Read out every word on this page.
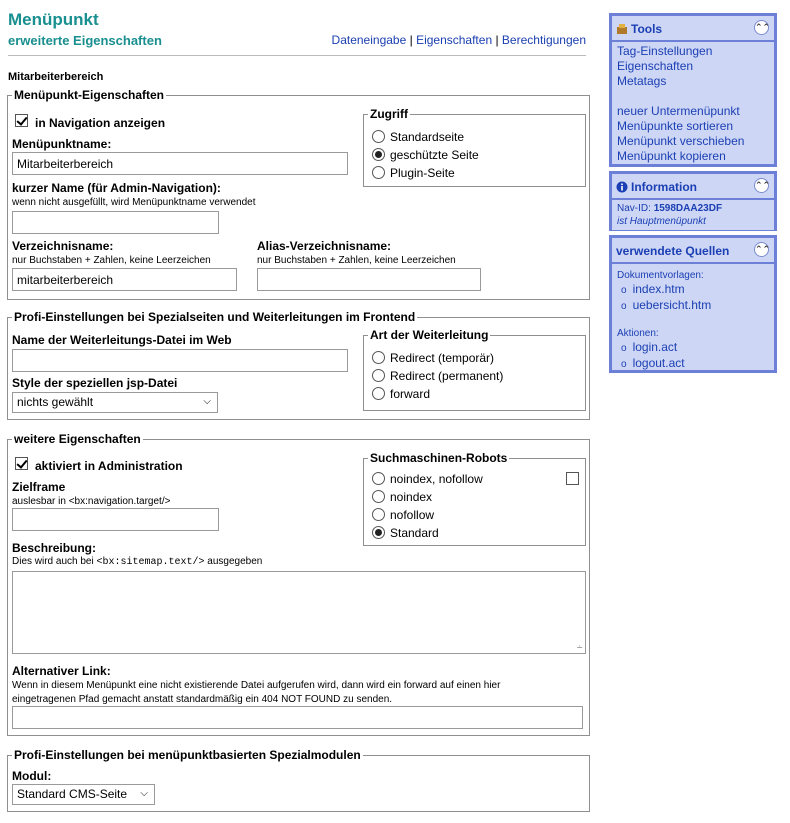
Menüpunkt
erweiterte Eigenschaften	Dateneingabe | Eigenschaften | Berechtigungen
Mitarbeiterbereich
Menüpunkt-Eigenschaften
in Navigation anzeigen
Menüpunktname:
Mitarbeiterbereich
kurzer Name (für Admin-Navigation):
wenn nicht ausgefüllt, wird Menüpunktname verwendet
Verzeichnisname:
nur Buchstaben + Zahlen, keine Leerzeichen
mitarbeiterbereich
Alias-Verzeichnisname:
nur Buchstaben + Zahlen, keine Leerzeichen
Zugriff
Standardseite
geschützte Seite
Plugin-Seite
Profi-Einstellungen bei Spezialseiten und Weiterleitungen im Frontend
Name der Weiterleitungs-Datei im Web
Style der speziellen jsp-Datei
nichts gewählt	⌵
Art der Weiterleitung
Redirect (temporär)
Redirect (permanent)
forward
weitere Eigenschaften
aktiviert in Administration
Zielframe
auslesbar in <bx:navigation.target/>
Beschreibung:
Dies wird auch bei <bx:sitemap.text/> ausgegeben
∸
Alternativer Link:
Wenn in diesem Menüpunkt eine nicht existierende Datei aufgerufen wird, dann wird ein forward auf einen hier
eingetragenen Pfad gemacht anstatt standardmäßig ein 404 NOT FOUND zu senden.
Suchmaschinen-Robots
noindex, nofollow
noindex
nofollow
Standard
Profi-Einstellungen bei menüpunktbasierten Spezialmodulen
Modul:
Standard CMS-Seite ⌵
Tools	⌃⌃
Tag-Einstellungen
Eigenschaften
Metatags
neuer Untermenüpunkt
Menüpunkte sortieren
Menüpunkt verschieben
Menüpunkt kopieren
Information	⌃⌃
Nav-ID: 1598DAA23DF
ist Hauptmenüpunkt
verwendete Quellen	⌃⌃
Dokumentvorlagen:
o index.htm
o uebersicht.htm
Aktionen:
o login.act
o logout.act
